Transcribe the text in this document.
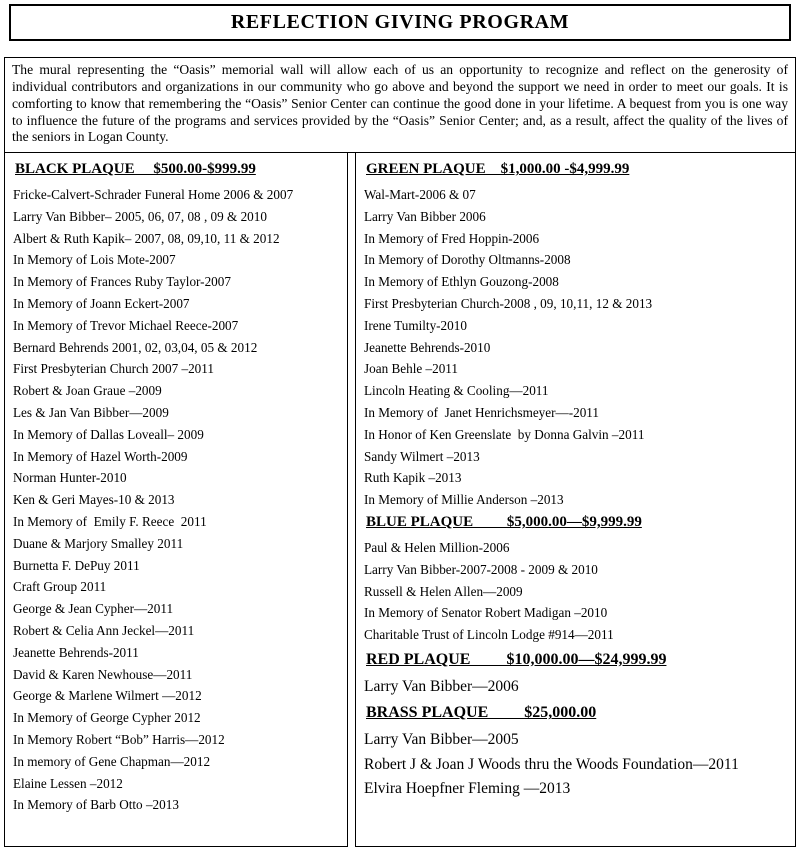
REFLECTION GIVING PROGRAM
The mural representing the “Oasis” memorial wall will allow each of us an opportunity to recognize and reflect on the generosity of individual contributors and organizations in our community who go above and beyond the support we need in order to meet our goals. It is comforting to know that remembering the “Oasis” Senior Center can continue the good done in your lifetime. A bequest from you is one way to influence the future of the programs and services provided by the “Oasis” Senior Center; and, as a result, affect the quality of the lives of the seniors in Logan County.
BLACK PLAQUE     $500.00-$999.99
Fricke-Calvert-Schrader Funeral Home 2006 & 2007
Larry Van Bibber– 2005, 06, 07, 08 , 09 & 2010
Albert & Ruth Kapik– 2007, 08, 09,10, 11 & 2012
In Memory of Lois Mote-2007
In Memory of Frances Ruby Taylor-2007
In Memory of Joann Eckert-2007
In Memory of Trevor Michael Reece-2007
Bernard Behrends 2001, 02, 03,04, 05 & 2012
First Presbyterian Church 2007 –2011
Robert & Joan Graue –2009
Les & Jan Van Bibber—2009
In Memory of Dallas Loveall– 2009
In Memory of Hazel Worth-2009
Norman Hunter-2010
Ken & Geri Mayes-10 & 2013
In Memory of  Emily F. Reece  2011
Duane & Marjory Smalley 2011
Burnetta F. DePuy 2011
Craft Group 2011
George & Jean Cypher—2011
Robert & Celia Ann Jeckel—2011
Jeanette Behrends-2011
David & Karen Newhouse—2011
George & Marlene Wilmert —2012
In Memory of George Cypher 2012
In Memory Robert “Bob” Harris—2012
In memory of Gene Chapman—2012
Elaine Lessen –2012
In Memory of Barb Otto –2013
GREEN PLAQUE    $1,000.00 -$4,999.99
Wal-Mart-2006 & 07
Larry Van Bibber 2006
In Memory of Fred Hoppin-2006
In Memory of Dorothy Oltmanns-2008
In Memory of Ethlyn Gouzong-2008
First Presbyterian Church-2008 , 09, 10,11, 12 & 2013
Irene Tumilty-2010
Jeanette Behrends-2010
Joan Behle –2011
Lincoln Heating & Cooling—2011
In Memory of  Janet Henrichsmeyer—-2011
In Honor of Ken Greenslate  by Donna Galvin –2011
Sandy Wilmert –2013
Ruth Kapik –2013
In Memory of Millie Anderson –2013
BLUE PLAQUE         $5,000.00—$9,999.99
Paul & Helen Million-2006
Larry Van Bibber-2007-2008 - 2009 & 2010
Russell & Helen Allen—2009
In Memory of Senator Robert Madigan –2010
Charitable Trust of Lincoln Lodge #914—2011
RED PLAQUE         $10,000.00—$24,999.99
Larry Van Bibber—2006
BRASS PLAQUE         $25,000.00
Larry Van Bibber—2005
Robert J & Joan J Woods thru the Woods Foundation—2011
Elvira Hoepfner Fleming —2013
